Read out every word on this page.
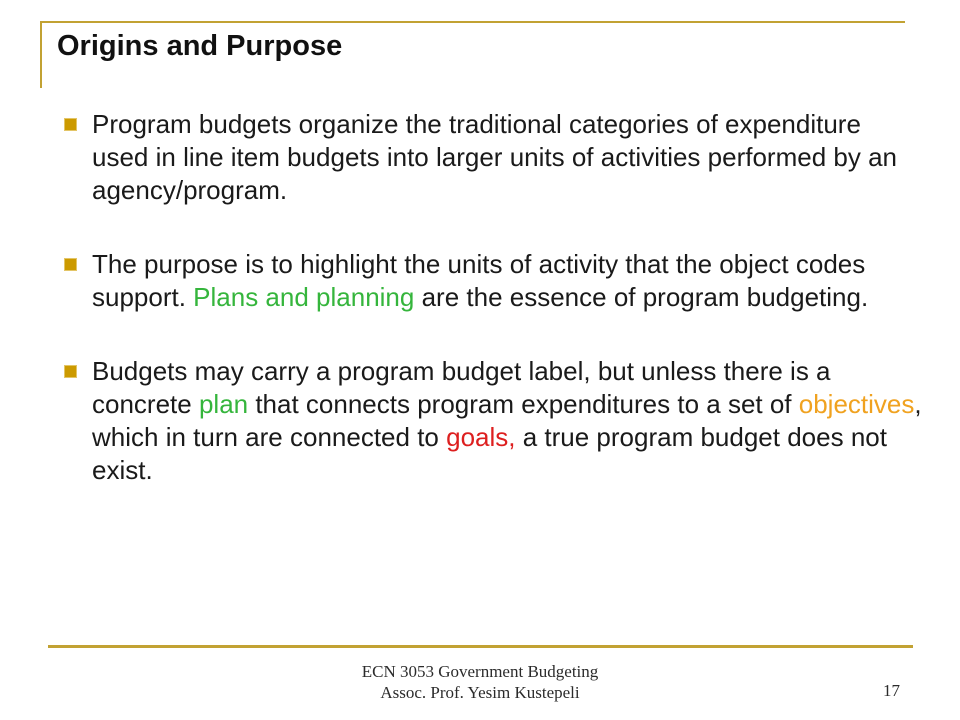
Origins and Purpose

Program budgets organize the traditional categories of expenditure used in line item budgets into larger units of activities performed by an agency/program.

The purpose is to highlight the units of activity that the object codes support. Plans and planning are the essence of program budgeting.

Budgets may carry a program budget label, but unless there is a concrete plan that connects program expenditures to a set of objectives, which in turn are connected to goals, a true program budget does not exist.

ECN 3053 Government Budgeting
Assoc. Prof. Yesim Kustepeli	17
